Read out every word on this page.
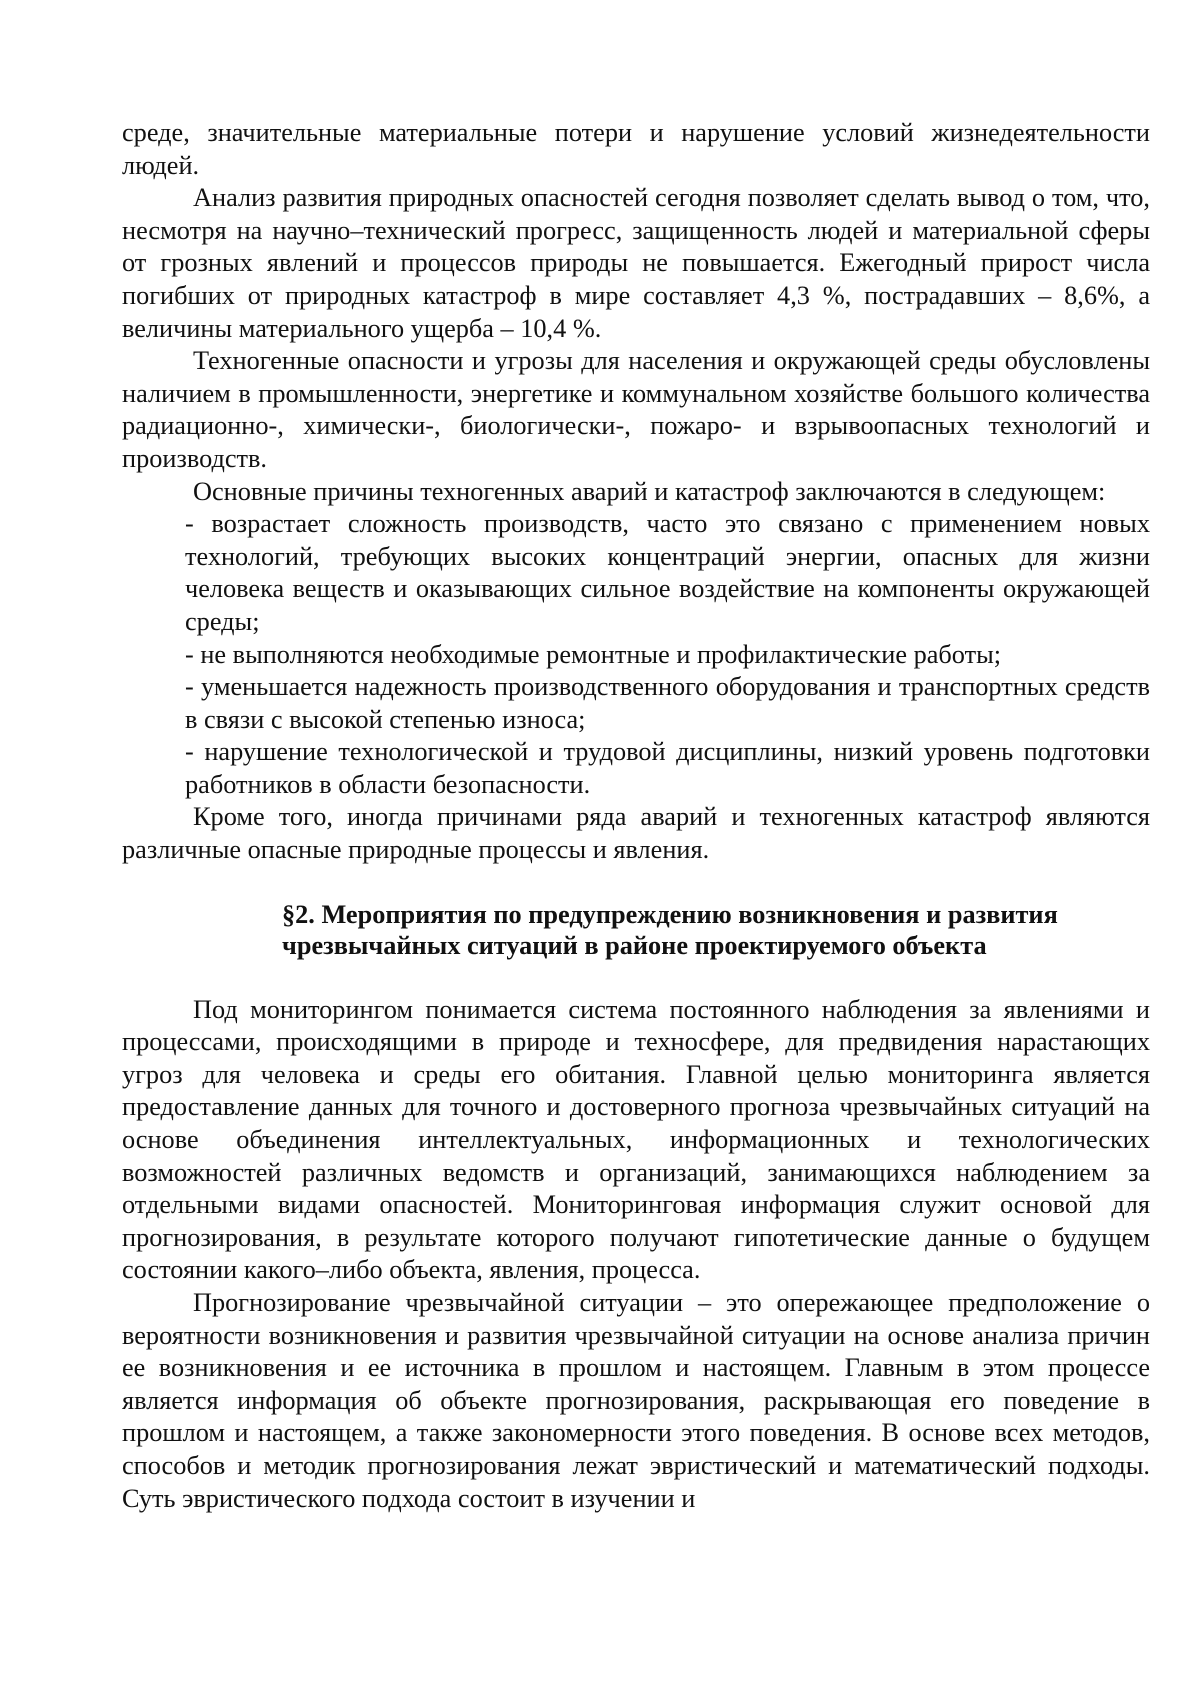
среде, значительные материальные потери и нарушение условий жизнедеятельности людей.

Анализ развития природных опасностей сегодня позволяет сделать вывод о том, что, несмотря на научно–технический прогресс, защищенность людей и материальной сферы от грозных явлений и процессов природы не повышается. Ежегодный прирост числа погибших от природных катастроф в мире составляет 4,3 %, пострадавших – 8,6%, а величины материального ущерба – 10,4 %.

Техногенные опасности и угрозы для населения и окружающей среды обусловлены наличием в промышленности, энергетике и коммунальном хозяйстве большого количества радиационно-, химически-, биологически-, пожаро- и взрывоопасных технологий и производств.

Основные причины техногенных аварий и катастроф заключаются в следующем:

- возрастает сложность производств, часто это связано с применением новых технологий, требующих высоких концентраций энергии, опасных для жизни человека веществ и оказывающих сильное воздействие на компоненты окружающей среды;

- не выполняются необходимые ремонтные и профилактические работы;

- уменьшается надежность производственного оборудования и транспортных средств в связи с высокой степенью износа;

- нарушение технологической и трудовой дисциплины, низкий уровень подготовки работников в области безопасности.

Кроме того, иногда причинами ряда аварий и техногенных катастроф являются различные опасные природные процессы и явления.

§2. Мероприятия по предупреждению возникновения и развития
чрезвычайных ситуаций в районе проектируемого объекта

Под мониторингом понимается система постоянного наблюдения за явлениями и процессами, происходящими в природе и техносфере, для предвидения нарастающих угроз для человека и среды его обитания. Главной целью мониторинга является предоставление данных для точного и достоверного прогноза чрезвычайных ситуаций на основе объединения интеллектуальных, информационных и технологических возможностей различных ведомств и организаций, занимающихся наблюдением за отдельными видами опасностей. Мониторинговая информация служит основой для прогнозирования, в результате которого получают гипотетические данные о будущем состоянии какого–либо объекта, явления, процесса.

Прогнозирование чрезвычайной ситуации – это опережающее предположение о вероятности возникновения и развития чрезвычайной ситуации на основе анализа причин ее возникновения и ее источника в прошлом и настоящем. Главным в этом процессе является информация об объекте прогнозирования, раскрывающая его поведение в прошлом и настоящем, а также закономерности этого поведения. В основе всех методов, способов и методик прогнозирования лежат эвристический и математический подходы. Суть эвристического подхода состоит в изучении и
